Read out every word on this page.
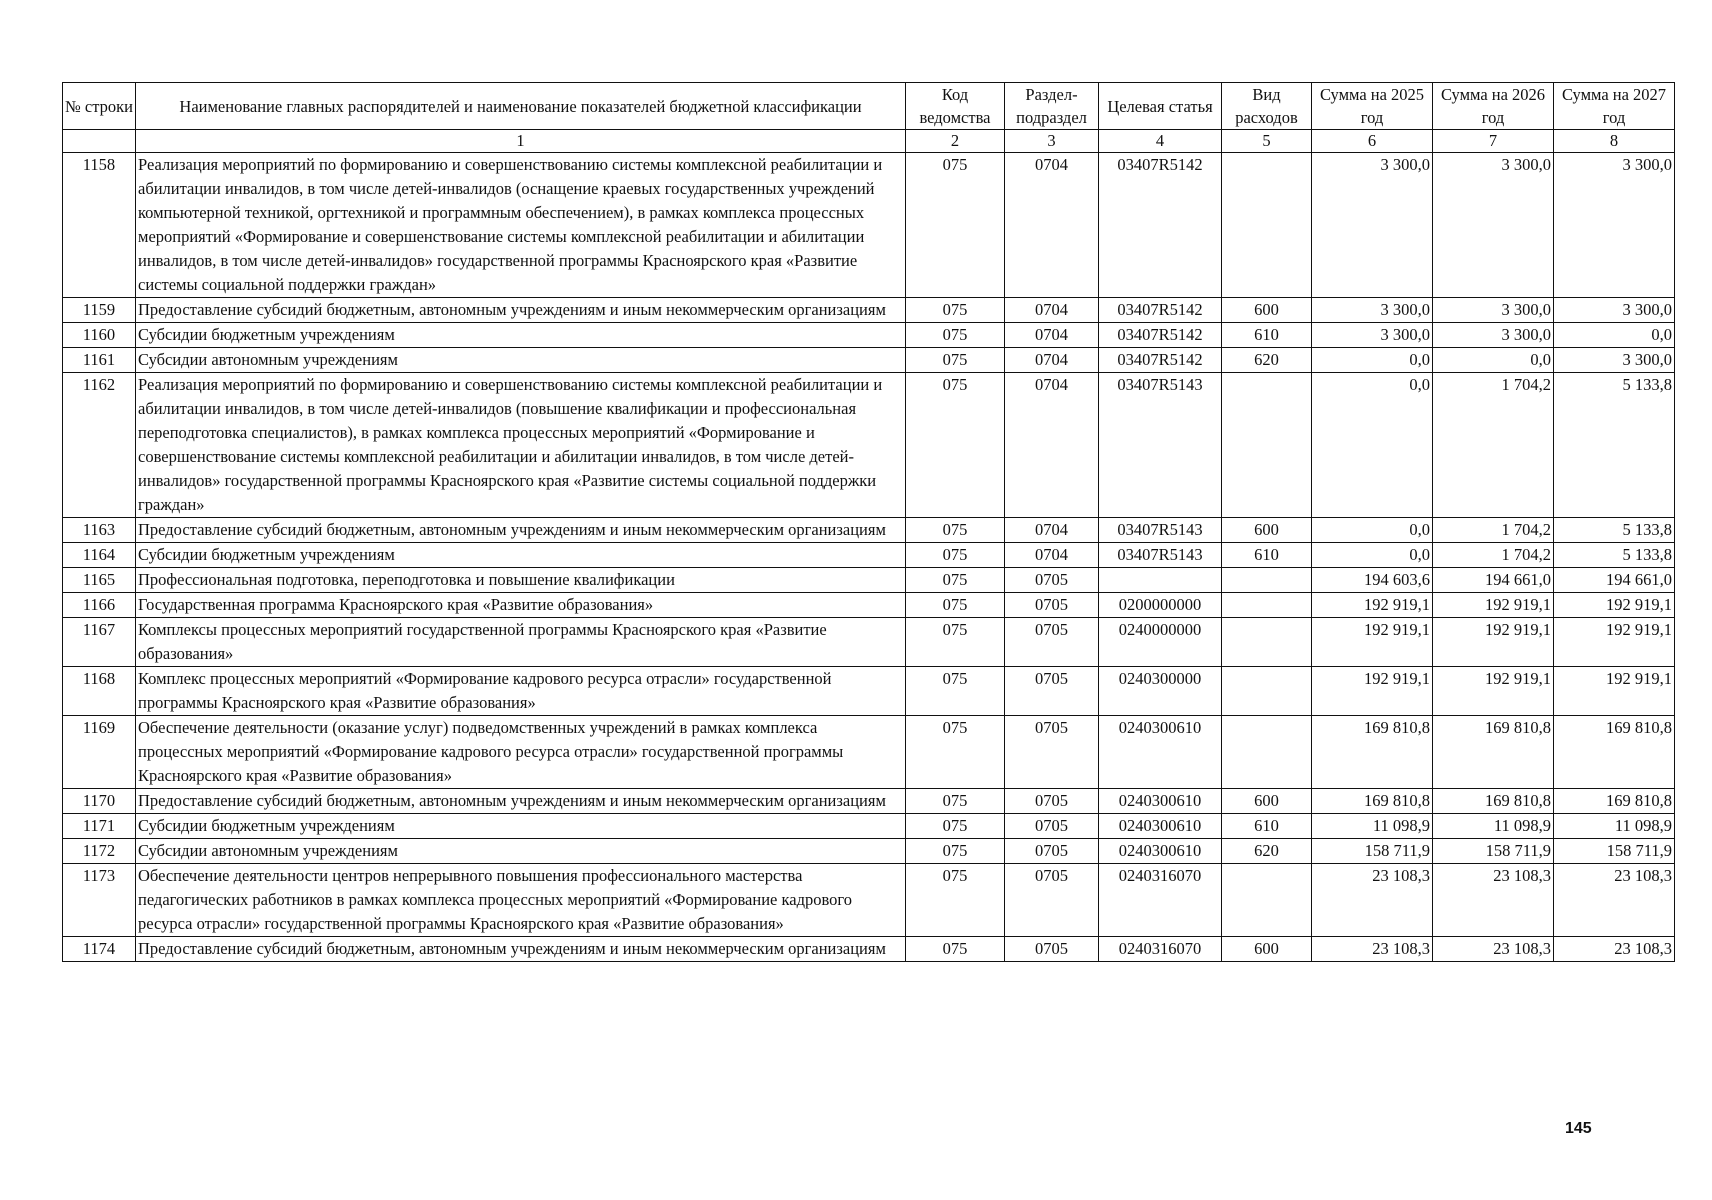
№ строки	Наименование главных распорядителей и наименование показателей бюджетной классификации	Код ведомства	Раздел-подраздел	Целевая статья	Вид расходов	Сумма на 2025 год	Сумма на 2026 год	Сумма на 2027 год
	1	2	3	4	5	6	7	8
1158	Реализация мероприятий по формированию и совершенствованию системы комплексной реабилитации и абилитации инвалидов, в том числе детей-инвалидов (оснащение краевых государственных учреждений компьютерной техникой, оргтехникой и программным обеспечением), в рамках комплекса процессных мероприятий «Формирование и совершенствование системы комплексной реабилитации и абилитации инвалидов, в том числе детей-инвалидов» государственной программы Красноярского края «Развитие системы социальной поддержки граждан»	075	0704	03407R5142		3 300,0	3 300,0	3 300,0
1159	Предоставление субсидий бюджетным, автономным учреждениям и иным некоммерческим организациям	075	0704	03407R5142	600	3 300,0	3 300,0	3 300,0
1160	Субсидии бюджетным учреждениям	075	0704	03407R5142	610	3 300,0	3 300,0	0,0
1161	Субсидии автономным учреждениям	075	0704	03407R5142	620	0,0	0,0	3 300,0
1162	Реализация мероприятий по формированию и совершенствованию системы комплексной реабилитации и абилитации инвалидов, в том числе детей-инвалидов (повышение квалификации и профессиональная переподготовка специалистов), в рамках комплекса процессных мероприятий «Формирование и совершенствование системы комплексной реабилитации и абилитации инвалидов, в том числе детей-инвалидов» государственной программы Красноярского края «Развитие системы социальной поддержки граждан»	075	0704	03407R5143		0,0	1 704,2	5 133,8
1163	Предоставление субсидий бюджетным, автономным учреждениям и иным некоммерческим организациям	075	0704	03407R5143	600	0,0	1 704,2	5 133,8
1164	Субсидии бюджетным учреждениям	075	0704	03407R5143	610	0,0	1 704,2	5 133,8
1165	Профессиональная подготовка, переподготовка и повышение квалификации	075	0705			194 603,6	194 661,0	194 661,0
1166	Государственная программа Красноярского края «Развитие образования»	075	0705	0200000000		192 919,1	192 919,1	192 919,1
1167	Комплексы процессных мероприятий государственной программы Красноярского края «Развитие образования»	075	0705	0240000000		192 919,1	192 919,1	192 919,1
1168	Комплекс процессных мероприятий «Формирование кадрового ресурса отрасли» государственной программы Красноярского края «Развитие образования»	075	0705	0240300000		192 919,1	192 919,1	192 919,1
1169	Обеспечение деятельности (оказание услуг) подведомственных учреждений в рамках комплекса процессных мероприятий «Формирование кадрового ресурса отрасли» государственной программы Красноярского края «Развитие образования»	075	0705	0240300610		169 810,8	169 810,8	169 810,8
1170	Предоставление субсидий бюджетным, автономным учреждениям и иным некоммерческим организациям	075	0705	0240300610	600	169 810,8	169 810,8	169 810,8
1171	Субсидии бюджетным учреждениям	075	0705	0240300610	610	11 098,9	11 098,9	11 098,9
1172	Субсидии автономным учреждениям	075	0705	0240300610	620	158 711,9	158 711,9	158 711,9
1173	Обеспечение деятельности центров непрерывного повышения профессионального мастерства педагогических работников в рамках комплекса процессных мероприятий «Формирование кадрового ресурса отрасли» государственной программы Красноярского края «Развитие образования»	075	0705	0240316070		23 108,3	23 108,3	23 108,3
1174	Предоставление субсидий бюджетным, автономным учреждениям и иным некоммерческим организациям	075	0705	0240316070	600	23 108,3	23 108,3	23 108,3
145
